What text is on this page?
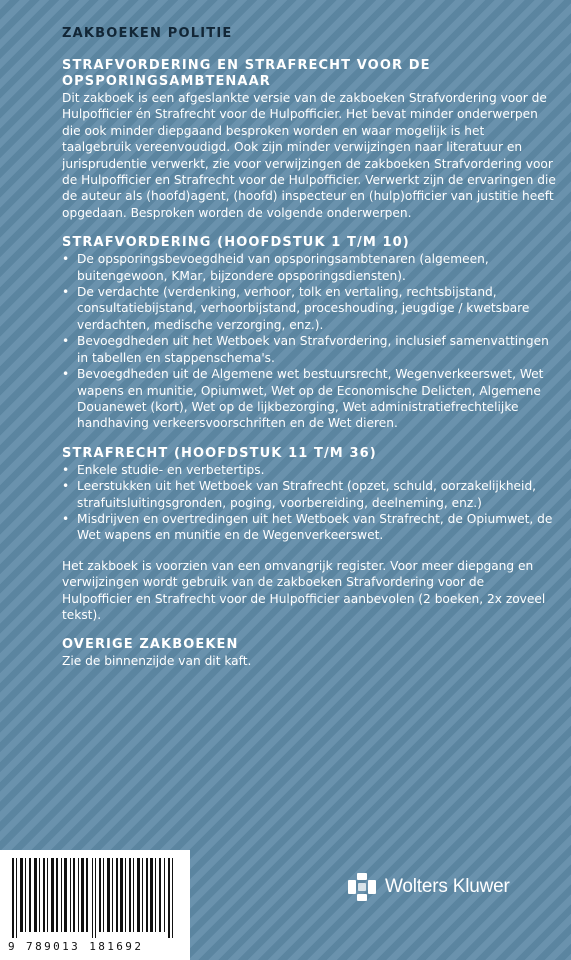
ZAKBOEKEN POLITIE
STRAFVORDERING EN STRAFRECHT VOOR DE OPSPORINGSAMBTENAAR

Dit zakboek is een afgeslankte versie van de zakboeken Strafvordering voor de Hulpofficier én Strafrecht voor de Hulpofficier. Het bevat minder onderwerpen die ook minder diepgaand besproken worden en waar mogelijk is het taalgebruik vereenvoudigd. Ook zijn minder verwijzingen naar literatuur en jurisprudentie verwerkt, zie voor verwijzingen de zakboeken Strafvordering voor de Hulpofficier en Strafrecht voor de Hulpofficier. Verwerkt zijn de ervaringen die de auteur als (hoofd)agent, (hoofd) inspecteur en (hulp)officier van justitie heeft opgedaan. Besproken worden de volgende onderwerpen.

STRAFVORDERING (HOOFDSTUK 1 T/M 10)
• De opsporingsbevoegdheid van opsporingsambtenaren (algemeen, buitengewoon, KMar, bijzondere opsporingsdiensten).
• De verdachte (verdenking, verhoor, tolk en vertaling, rechtsbijstand, consultatiebijstand, verhoorbijstand, proceshouding, jeugdige / kwetsbare verdachten, medische verzorging, enz.).
• Bevoegdheden uit het Wetboek van Strafvordering, inclusief samenvattingen in tabellen en stappenschema's.
• Bevoegdheden uit de Algemene wet bestuursrecht, Wegenverkeerswet, Wet wapens en munitie, Opiumwet, Wet op de Economische Delicten, Algemene Douanewet (kort), Wet op de lijkbezorging, Wet administratiefrechtelijke handhaving verkeersvoorschriften en de Wet dieren.
STRAFRECHT (HOOFDSTUK 11 T/M 36)
• Enkele studie- en verbetertips.
• Leerstukken uit het Wetboek van Strafrecht (opzet, schuld, oorzakelijkheid, strafuitsluitingsgronden, poging, voorbereiding, deelneming, enz.)
• Misdrijven en overtredingen uit het Wetboek van Strafrecht, de Opiumwet, de Wet wapens en munitie en de Wegenverkeerswet.

Het zakboek is voorzien van een omvangrijk register. Voor meer diepgang en verwijzingen wordt gebruik van de zakboeken Strafvordering voor de Hulpofficier en Strafrecht voor de Hulpofficier aanbevolen (2 boeken, 2x zoveel tekst).

OVERIGE ZAKBOEKEN

Zie de binnenzijde van dit kaft.

9 789013 181692
Wolters Kluwer
